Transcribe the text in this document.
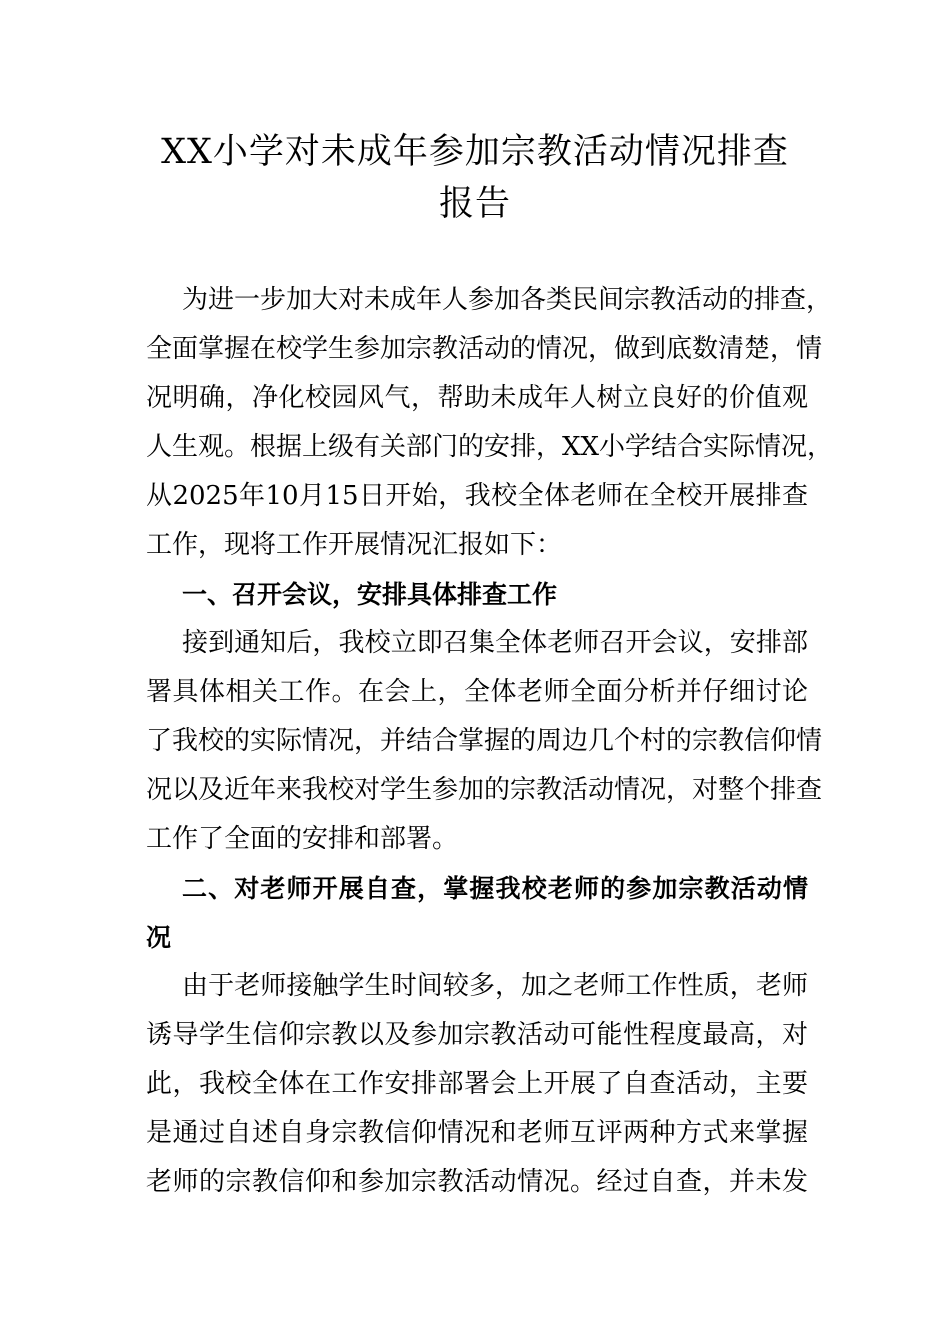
XX小学对未成年参加宗教活动情况排查
报告
为进一步加大对未成年人参加各类民间宗教活动的排查，
全面掌握在校学生参加宗教活动的情况，做到底数清楚，情
况明确，净化校园风气，帮助未成年人树立良好的价值观
人生观。根据上级有关部门的安排，XX小学结合实际情况，
从2025年10月15日开始，我校全体老师在全校开展排查
工作，现将工作开展情况汇报如下：
一、召开会议，安排具体排查工作
接到通知后，我校立即召集全体老师召开会议，安排部
署具体相关工作。在会上，全体老师全面分析并仔细讨论
了我校的实际情况，并结合掌握的周边几个村的宗教信仰情
况以及近年来我校对学生参加的宗教活动情况，对整个排查
工作了全面的安排和部署。
二、对老师开展自查，掌握我校老师的参加宗教活动情
况
由于老师接触学生时间较多，加之老师工作性质，老师
诱导学生信仰宗教以及参加宗教活动可能性程度最高，对
此，我校全体在工作安排部署会上开展了自查活动，主要
是通过自述自身宗教信仰情况和老师互评两种方式来掌握
老师的宗教信仰和参加宗教活动情况。经过自查，并未发
